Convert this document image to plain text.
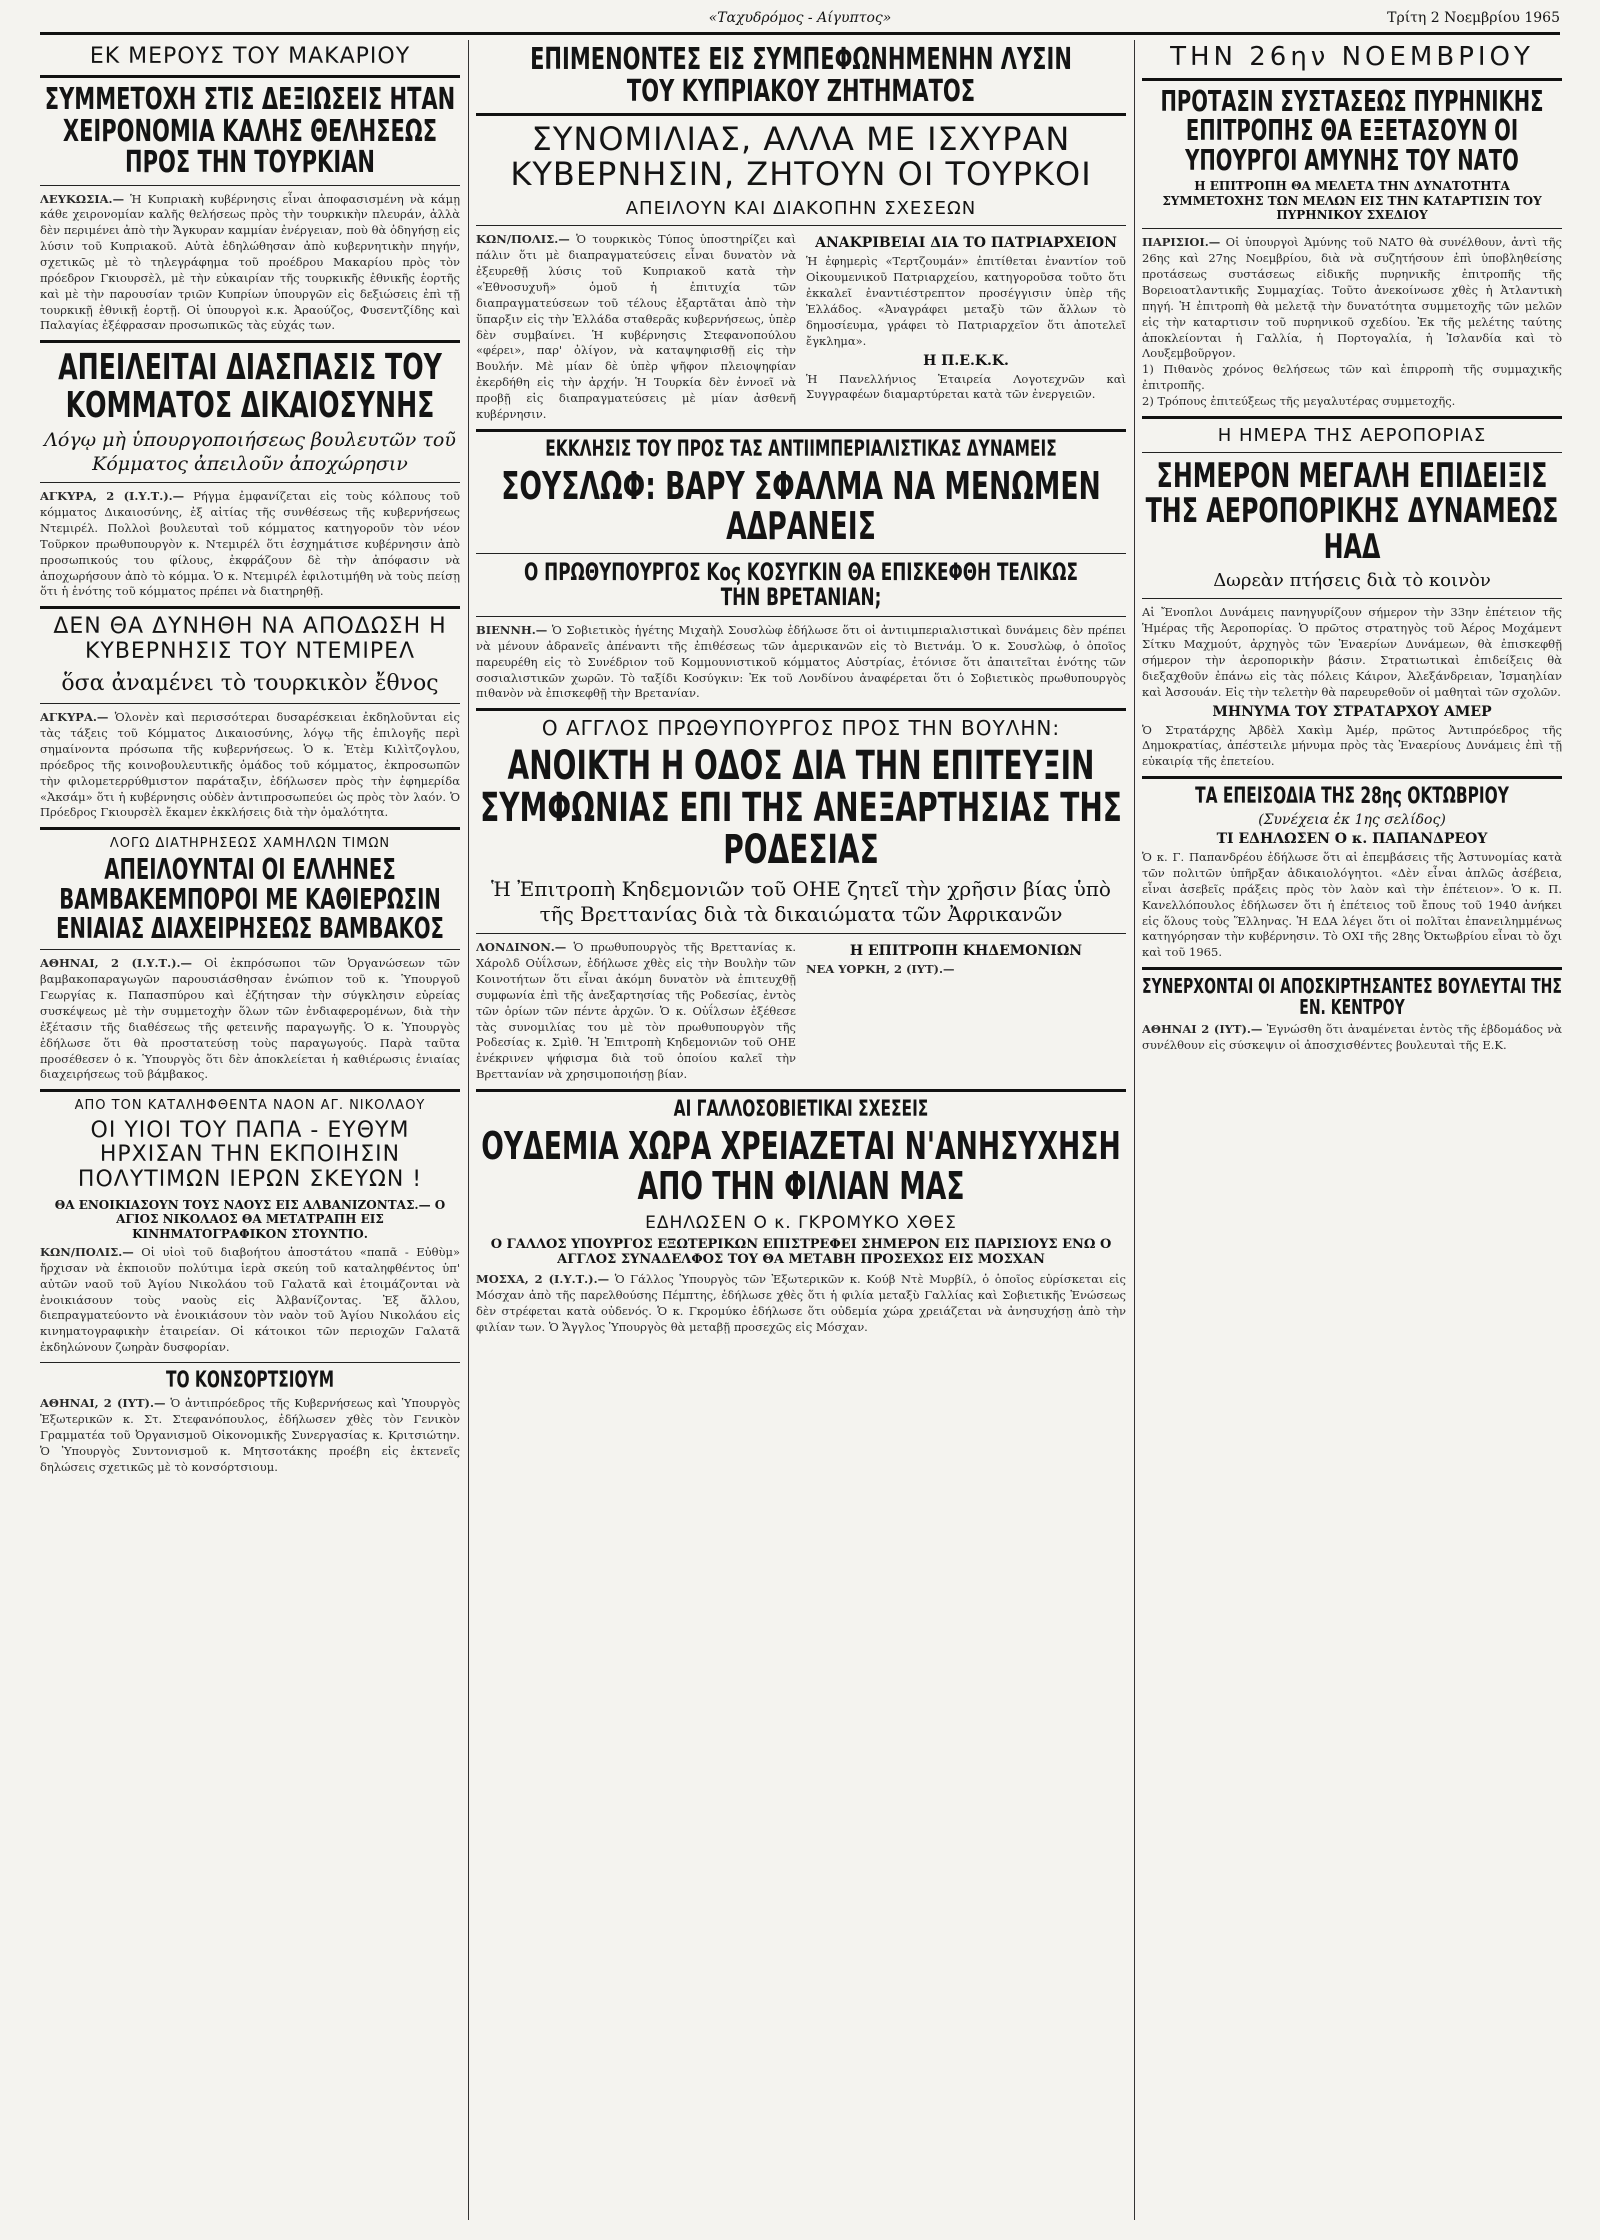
«Ταχυδρόμος - Αίγυπτος»	Τρίτη 2 Νοεμβρίου 1965
ΕΚ ΜΕΡΟΥΣ ΤΟΥ ΜΑΚΑΡΙΟΥ
ΣΥΜΜΕΤΟΧΗ ΣΤΙΣ ΔΕΞΙΩΣΕΙΣ ΗΤΑΝ ΧΕΙΡΟΝΟΜΙΑ ΚΑΛΗΣ ΘΕΛΗΣΕΩΣ ΠΡΟΣ ΤΗΝ ΤΟΥΡΚΙΑΝ
ΛΕΥΚΩΣΙΑ.— Ἡ Κυπριακὴ κυβέρνησις εἶναι ἀποφασισμένη νὰ κάμῃ κάθε χειρονομίαν καλῆς θελήσεως πρὸς τὴν τουρκικὴν πλευράν, ἀλλὰ δὲν περιμένει ἀπὸ τὴν Ἄγκυραν καμμίαν ἐνέργειαν, ποὺ θὰ ὁδηγήσῃ εἰς λύσιν τοῦ Κυπριακοῦ. Αὐτὰ ἐδηλώθησαν ἀπὸ κυβερνητικὴν πηγήν, σχετικῶς μὲ τὸ τηλεγράφημα τοῦ προέδρου Μακαρίου πρὸς τὸν πρόεδρον Γκιουρσὲλ, μὲ τὴν εὐκαιρίαν τῆς τουρκικῆς ἐθνικῆς ἑορτῆς καὶ μὲ τὴν παρουσίαν τριῶν Κυπρίων ὑπουργῶν εἰς δεξιώσεις ἐπὶ τῇ τουρκικῇ ἐθνικῇ ἑορτῇ. Οἱ ὑπουργοὶ κ.κ. Ἀραούζος, Φυσεντζίδης καὶ Παλαγίας ἐξέφρασαν προσωπικῶς τὰς εὐχάς των.
ΑΠΕΙΛΕΙΤΑΙ ΔΙΑΣΠΑΣΙΣ ΤΟΥ ΚΟΜΜΑΤΟΣ ΔΙΚΑΙΟΣΥΝΗΣ
Λόγῳ μὴ ὑπουργοποιήσεως βουλευτῶν τοῦ Κόμματος ἀπειλοῦν ἀποχώρησιν
ΑΓΚΥΡΑ, 2 (Ι.Υ.Τ.).— Ρήγμα ἐμφανίζεται εἰς τοὺς κόλπους τοῦ κόμματος Δικαιοσύνης, ἐξ αἰτίας τῆς συνθέσεως τῆς κυβερνήσεως Ντεμιρέλ. Πολλοὶ βουλευταὶ τοῦ κόμματος κατηγοροῦν τὸν νέον Τοῦρκον πρωθυπουργὸν κ. Ντεμιρέλ ὅτι ἐσχημάτισε κυβέρνησιν ἀπὸ προσωπικούς του φίλους, ἐκφράζουν δὲ τὴν ἀπόφασιν νὰ ἀποχωρήσουν ἀπὸ τὸ κόμμα. Ὁ κ. Ντεμιρέλ ἐφιλοτιμήθη νὰ τοὺς πείσῃ ὅτι ἡ ἑνότης τοῦ κόμματος πρέπει νὰ διατηρηθῇ.
ΔΕΝ ΘΑ ΔΥΝΗΘΗ ΝΑ ΑΠΟΔΩΣΗ Η ΚΥΒΕΡΝΗΣΙΣ ΤΟΥ ΝΤΕΜΙΡΕΛ
ὅσα ἀναμένει τὸ τουρκικὸν ἔθνος
ΑΓΚΥΡΑ.— Ὁλονὲν καὶ περισσότεραι δυσαρέσκειαι ἐκδηλοῦνται εἰς τὰς τάξεις τοῦ Κόμματος Δικαιοσύνης, λόγῳ τῆς ἐπιλογῆς περὶ σημαίνοντα πρόσωπα τῆς κυβερνήσεως. Ὁ κ. Ἐτὲμ Κιλὶτζογλου, πρόεδρος τῆς κοινοβουλευτικῆς ὁμάδος τοῦ κόμματος, ἐκπροσωπῶν τὴν φιλομετερρύθμιστον παράταξιν, ἐδήλωσεν πρὸς τὴν ἐφημερίδα «Ἀκσάμ» ὅτι ἡ κυβέρνησις οὐδὲν ἀντιπροσωπεύει ὡς πρὸς τὸν λαόν. Ὁ Πρόεδρος Γκιουρσὲλ ἔκαμεν ἐκκλήσεις διὰ τὴν ὁμαλότητα.
ΛΟΓΩ ΔΙΑΤΗΡΗΣΕΩΣ ΧΑΜΗΛΩΝ ΤΙΜΩΝ
ΑΠΕΙΛΟΥΝΤΑΙ ΟΙ ΕΛΛΗΝΕΣ ΒΑΜΒΑΚΕΜΠΟΡΟΙ ΜΕ ΚΑΘΙΕΡΩΣΙΝ ΕΝΙΑΙΑΣ ΔΙΑΧΕΙΡΗΣΕΩΣ ΒΑΜΒΑΚΟΣ
ΑΘΗΝΑΙ, 2 (Ι.Υ.Τ.).— Οἱ ἐκπρόσωποι τῶν Ὀργανώσεων τῶν βαμβακοπαραγωγῶν παρουσιάσθησαν ἐνώπιον τοῦ κ. Ὑπουργοῦ Γεωργίας κ. Παπασπύρου καὶ ἐζήτησαν τὴν σύγκλησιν εὐρείας συσκέψεως μὲ τὴν συμμετοχὴν ὅλων τῶν ἐνδιαφερομένων, διὰ τὴν ἐξέτασιν τῆς διαθέσεως τῆς φετεινῆς παραγωγῆς. Ὁ κ. Ὑπουργὸς ἐδήλωσε ὅτι θὰ προστατεύσῃ τοὺς παραγωγούς. Παρὰ ταῦτα προσέθεσεν ὁ κ. Ὑπουργὸς ὅτι δὲν ἀποκλείεται ἡ καθιέρωσις ἑνιαίας διαχειρήσεως τοῦ βάμβακος.
ΑΠΟ ΤΟΝ ΚΑΤΑΛΗΦΘΕΝΤΑ ΝΑΟΝ ΑΓ. ΝΙΚΟΛΑΟΥ
ΟΙ ΥΙΟΙ ΤΟΥ ΠΑΠΑ - ΕΥΘΥΜ ΗΡΧΙΣΑΝ ΤΗΝ ΕΚΠΟΙΗΣΙΝ ΠΟΛΥΤΙΜΩΝ ΙΕΡΩΝ ΣΚΕΥΩΝ !
ΘΑ ΕΝΟΙΚΙΑΣΟΥΝ ΤΟΥΣ ΝΑΟΥΣ ΕΙΣ ΑΛΒΑΝΙΖΟΝΤΑΣ.— Ο ΑΓΙΟΣ ΝΙΚΟΛΑΟΣ ΘΑ ΜΕΤΑΤΡΑΠΗ ΕΙΣ ΚΙΝΗΜΑΤΟΓΡΑΦΙΚΟΝ ΣΤΟΥΝΤΙΟ.
ΚΩΝ/ΠΟΛΙΣ.— Οἱ υἱοὶ τοῦ διαβοήτου ἀποστάτου «παπᾶ - Εὐθὺμ» ἤρχισαν νὰ ἐκποιοῦν πολύτιμα ἱερὰ σκεύη τοῦ καταληφθέντος ὑπ' αὐτῶν ναοῦ τοῦ Ἁγίου Νικολάου τοῦ Γαλατᾶ καὶ ἑτοιμάζονται νὰ ἐνοικιάσουν τοὺς ναοὺς εἰς Ἀλβανίζοντας. Ἐξ ἄλλου, διεπραγματεύοντο νὰ ἐνοικιάσουν τὸν ναὸν τοῦ Ἁγίου Νικολάου εἰς κινηματογραφικὴν ἑταιρείαν. Οἱ κάτοικοι τῶν περιοχῶν Γαλατᾶ ἐκδηλώνουν ζωηρὰν δυσφορίαν.
ΤΟ ΚΟΝΣΟΡΤΣΙΟΥΜ
ΑΘΗΝΑΙ, 2 (ΙΥΤ).— Ὁ ἀντιπρόεδρος τῆς Κυβερνήσεως καὶ Ὑπουργὸς Ἐξωτερικῶν κ. Στ. Στεφανόπουλος, ἐδήλωσεν χθὲς τὸν Γενικὸν Γραμματέα τοῦ Ὀργανισμοῦ Οἰκονομικῆς Συνεργασίας κ. Κριτσιώτην. Ὁ Ὑπουργὸς Συντονισμοῦ κ. Μητσοτάκης προέβη εἰς ἐκτενεῖς δηλώσεις σχετικῶς μὲ τὸ κονσόρτσιουμ.
ΕΠΙΜΕΝΟΝΤΕΣ ΕΙΣ ΣΥΜΠΕΦΩΝΗΜΕΝΗΝ ΛΥΣΙΝ ΤΟΥ ΚΥΠΡΙΑΚΟΥ ΖΗΤΗΜΑΤΟΣ
ΣΥΝΟΜΙΛΙΑΣ, ΑΛΛΑ ΜΕ ΙΣΧΥΡΑΝ ΚΥΒΕΡΝΗΣΙΝ, ΖΗΤΟΥΝ ΟΙ ΤΟΥΡΚΟΙ
ΑΠΕΙΛΟΥΝ ΚΑΙ ΔΙΑΚΟΠΗΝ ΣΧΕΣΕΩΝ
ΚΩΝ/ΠΟΛΙΣ.— Ὁ τουρκικὸς Τύπος ὑποστηρίζει καὶ πάλιν ὅτι μὲ διαπραγματεύσεις εἶναι δυνατὸν νὰ ἐξευρεθῇ λύσις τοῦ Κυπριακοῦ κατὰ τὴν «Ἐθνοσυχυῆ» ὁμοῦ ἡ ἐπιτυχία τῶν διαπραγματεύσεων τοῦ τέλους ἐξαρτᾶται ἀπὸ τὴν ὕπαρξιν εἰς τὴν Ἑλλάδα σταθερᾶς κυβερνήσεως, ὑπὲρ δὲν συμβαίνει. Ἡ κυβέρνησις Στεφανοπούλου «φέρει», παρ' ὀλίγον, νὰ καταψηφισθῇ εἰς τὴν Βουλήν. Μὲ μίαν δὲ ὑπὲρ ψῆφον πλειοψηφίαν ἐκερδήθη εἰς τὴν ἀρχήν. Ἡ Τουρκία δὲν ἐννοεῖ νὰ προβῇ εἰς διαπραγματεύσεις μὲ μίαν ἀσθενῆ κυβέρνησιν.
ΑΝΑΚΡΙΒΕΙΑΙ ΔΙΑ ΤΟ ΠΑΤΡΙΑΡΧΕΙΟΝ
Ἡ ἐφημερὶς «Τερτζουμάν» ἐπιτίθεται ἐναντίον τοῦ Οἰκουμενικοῦ Πατριαρχείου, κατηγοροῦσα τοῦτο ὅτι ἐκκαλεῖ ἐναντιέστρεπτον προσέγγισιν ὑπὲρ τῆς Ἑλλάδος. «Ἀναγράφει μεταξὺ τῶν ἄλλων τὸ δημοσίευμα, γράφει τὸ Πατριαρχεῖον ὅτι ἀποτελεῖ ἔγκλημα».
Η Π.Ε.Κ.Κ.
Ἡ Πανελλήνιος Ἑταιρεία Λογοτεχνῶν καὶ Συγγραφέων διαμαρτύρεται κατὰ τῶν ἐνεργειῶν.
ΕΚΚΛΗΣΙΣ ΤΟΥ ΠΡΟΣ ΤΑΣ ΑΝΤΙΙΜΠΕΡΙΑΛΙΣΤΙΚΑΣ ΔΥΝΑΜΕΙΣ
ΣΟΥΣΛΩΦ: ΒΑΡΥ ΣΦΑΛΜΑ ΝΑ ΜΕΝΩΜΕΝ ΑΔΡΑΝΕΙΣ
Ο ΠΡΩΘΥΠΟΥΡΓΟΣ Κος ΚΟΣΥΓΚΙΝ ΘΑ ΕΠΙΣΚΕΦΘΗ ΤΕΛΙΚΩΣ ΤΗΝ ΒΡΕΤΑΝΙΑΝ;
ΒΙΕΝΝΗ.— Ὁ Σοβιετικὸς ἡγέτης Μιχαὴλ Σουσλὼφ ἐδήλωσε ὅτι οἱ ἀντιιμπεριαλιστικαὶ δυνάμεις δὲν πρέπει νὰ μένουν ἀδρανεῖς ἀπέναντι τῆς ἐπιθέσεως τῶν ἀμερικανῶν εἰς τὸ Βιετνάμ. Ὁ κ. Σουσλὼφ, ὁ ὁποῖος παρευρέθη εἰς τὸ Συνέδριον τοῦ Κομμουνιστικοῦ κόμματος Αὐστρίας, ἐτόνισε ὅτι ἀπαιτεῖται ἑνότης τῶν σοσιαλιστικῶν χωρῶν. Τὸ ταξίδι Κοσύγκιν: Ἐκ τοῦ Λονδίνου ἀναφέρεται ὅτι ὁ Σοβιετικὸς πρωθυπουργὸς πιθανὸν νὰ ἐπισκεφθῇ τὴν Βρετανίαν.
Ο ΑΓΓΛΟΣ ΠΡΩΘΥΠΟΥΡΓΟΣ ΠΡΟΣ ΤΗΝ ΒΟΥΛΗΝ:
ΑΝΟΙΚΤΗ Η ΟΔΟΣ ΔΙΑ ΤΗΝ ΕΠΙΤΕΥΞΙΝ ΣΥΜΦΩΝΙΑΣ ΕΠΙ ΤΗΣ ΑΝΕΞΑΡΤΗΣΙΑΣ ΤΗΣ ΡΟΔΕΣΙΑΣ
Ἡ Ἐπιτροπὴ Κηδεμονιῶν τοῦ ΟΗΕ ζητεῖ τὴν χρῆσιν βίας ὑπὸ τῆς Βρεττανίας διὰ τὰ δικαιώματα τῶν Ἀφρικανῶν
ΛΟΝΔΙΝΟΝ.— Ὁ πρωθυπουργὸς τῆς Βρεττανίας κ. Χάρολδ Οὐΐλσων, ἐδήλωσε χθὲς εἰς τὴν Βουλὴν τῶν Κοινοτήτων ὅτι εἶναι ἀκόμη δυνατὸν νὰ ἐπιτευχθῇ συμφωνία ἐπὶ τῆς ἀνεξαρτησίας τῆς Ροδεσίας, ἐντὸς τῶν ὁρίων τῶν πέντε ἀρχῶν. Ὁ κ. Οὐΐλσων ἐξέθεσε τὰς συνομιλίας του μὲ τὸν πρωθυπουργὸν τῆς Ροδεσίας κ. Σμὶθ. Ἡ Ἐπιτροπὴ Κηδεμονιῶν τοῦ ΟΗΕ ἐνέκρινεν ψήφισμα διὰ τοῦ ὁποίου καλεῖ τὴν Βρεττανίαν νὰ χρησιμοποιήσῃ βίαν.
Η ΕΠΙΤΡΟΠΗ ΚΗΔΕΜΟΝΙΩΝ
ΝΕΑ ΥΟΡΚΗ, 2 (ΙΥΤ).—
ΑΙ ΓΑΛΛΟΣΟΒΙΕΤΙΚΑΙ ΣΧΕΣΕΙΣ
ΟΥΔΕΜΙΑ ΧΩΡΑ ΧΡΕΙΑΖΕΤΑΙ Ν'ΑΝΗΣΥΧΗΣΗ ΑΠΟ ΤΗΝ ΦΙΛΙΑΝ ΜΑΣ
ΕΔΗΛΩΣΕΝ Ο κ. ΓΚΡΟΜΥΚΟ ΧΘΕΣ
Ο ΓΑΛΛΟΣ ΥΠΟΥΡΓΟΣ ΕΞΩΤΕΡΙΚΩΝ ΕΠΙΣΤΡΕΦΕΙ ΣΗΜΕΡΟΝ ΕΙΣ ΠΑΡΙΣΙΟΥΣ ΕΝΩ Ο ΑΓΓΛΟΣ ΣΥΝΑΔΕΛΦΟΣ ΤΟΥ ΘΑ ΜΕΤΑΒΗ ΠΡΟΣΕΧΩΣ ΕΙΣ ΜΟΣΧΑΝ
ΜΟΣΧΑ, 2 (Ι.Υ.Τ.).— Ὁ Γάλλος Ὑπουργὸς τῶν Ἐξωτερικῶν κ. Κούβ Ντὲ Μυρβίλ, ὁ ὁποῖος εὑρίσκεται εἰς Μόσχαν ἀπὸ τῆς παρελθούσης Πέμπτης, ἐδήλωσε χθὲς ὅτι ἡ φιλία μεταξὺ Γαλλίας καὶ Σοβιετικῆς Ἑνώσεως δὲν στρέφεται κατὰ οὐδενός. Ὁ κ. Γκρομύκο ἐδήλωσε ὅτι οὐδεμία χώρα χρειάζεται νὰ ἀνησυχήσῃ ἀπὸ τὴν φιλίαν των. Ὁ Ἄγγλος Ὑπουργὸς θὰ μεταβῇ προσεχῶς εἰς Μόσχαν.
ΤΗΝ 26ην ΝΟΕΜΒΡΙΟΥ
ΠΡΟΤΑΣΙΝ ΣΥΣΤΑΣΕΩΣ ΠΥΡΗΝΙΚΗΣ ΕΠΙΤΡΟΠΗΣ ΘΑ ΕΞΕΤΑΣΟΥΝ ΟΙ ΥΠΟΥΡΓΟΙ ΑΜΥΝΗΣ ΤΟΥ ΝΑΤΟ
Η ΕΠΙΤΡΟΠΗ ΘΑ ΜΕΛΕΤΑ ΤΗΝ ΔΥΝΑΤΟΤΗΤΑ ΣΥΜΜΕΤΟΧΗΣ ΤΩΝ ΜΕΛΩΝ ΕΙΣ ΤΗΝ ΚΑΤΑΡΤΙΣΙΝ ΤΟΥ ΠΥΡΗΝΙΚΟΥ ΣΧΕΔΙΟΥ
ΠΑΡΙΣΙΟΙ.— Οἱ ὑπουργοὶ Ἀμύνης τοῦ ΝΑΤΟ θὰ συνέλθουν, ἀντὶ τῆς 26ης καὶ 27ης Νοεμβρίου, διὰ νὰ συζητήσουν ἐπὶ ὑποβληθείσης προτάσεως συστάσεως εἰδικῆς πυρηνικῆς ἐπιτροπῆς τῆς Βορειοατλαντικῆς Συμμαχίας. Τοῦτο ἀνεκοίνωσε χθὲς ἡ Ἀτλαντικὴ πηγή. Ἡ ἐπιτροπὴ θὰ μελετᾷ τὴν δυνατότητα συμμετοχῆς τῶν μελῶν εἰς τὴν καταρτισιν τοῦ πυρηνικοῦ σχεδίου. Ἐκ τῆς μελέτης ταύτης ἀποκλείονται ἡ Γαλλία, ἡ Πορτογαλία, ἡ Ἰσλανδία καὶ τὸ Λουξεμβοῦργον.
1) Πιθανὸς χρόνος θελήσεως τῶν καὶ ἐπιρροπὴ τῆς συμμαχικῆς ἐπιτροπῆς.
2) Τρόπους ἐπιτεύξεως τῆς μεγαλυτέρας συμμετοχῆς.
Η ΗΜΕΡΑ ΤΗΣ ΑΕΡΟΠΟΡΙΑΣ
ΣΗΜΕΡΟΝ ΜΕΓΑΛΗ ΕΠΙΔΕΙΞΙΣ ΤΗΣ ΑΕΡΟΠΟΡΙΚΗΣ ΔΥΝΑΜΕΩΣ ΗΑΔ
Δωρεὰν πτήσεις διὰ τὸ κοινὸν
Αἱ Ἔνοπλοι Δυνάμεις πανηγυρίζουν σήμερον τὴν 33ην ἐπέτειον τῆς Ἡμέρας τῆς Ἀεροπορίας. Ὁ πρῶτος στρατηγὸς τοῦ Ἀέρος Μοχάμεντ Σίτκυ Μαχμούτ, ἀρχηγὸς τῶν Ἐναερίων Δυνάμεων, θὰ ἐπισκεφθῇ σήμερον τὴν ἀεροπορικὴν βάσιν. Στρατιωτικαὶ ἐπιδείξεις θὰ διεξαχθοῦν ἐπάνω εἰς τὰς πόλεις Κάιρον, Ἀλεξάνδρειαν, Ἰσμαηλίαν καὶ Ἀσσουάν. Εἰς τὴν τελετὴν θὰ παρευρεθοῦν οἱ μαθηταὶ τῶν σχολῶν.
ΜΗΝΥΜΑ ΤΟΥ ΣΤΡΑΤΑΡΧΟΥ ΑΜΕΡ
Ὁ Στρατάρχης Ἀβδὲλ Χακὶμ Ἀμέρ, πρῶτος Ἀντιπρόεδρος τῆς Δημοκρατίας, ἀπέστειλε μήνυμα πρὸς τὰς Ἐναερίους Δυνάμεις ἐπὶ τῇ εὐκαιρίᾳ τῆς ἐπετείου.
ΤΑ ΕΠΕΙΣΟΔΙΑ ΤΗΣ 28ης ΟΚΤΩΒΡΙΟΥ
(Συνέχεια ἐκ 1ης σελίδος)
ΤΙ ΕΔΗΛΩΣΕΝ Ο κ. ΠΑΠΑΝΔΡΕΟΥ
Ὁ κ. Γ. Παπανδρέου ἐδήλωσε ὅτι αἱ ἐπεμβάσεις τῆς Ἀστυνομίας κατὰ τῶν πολιτῶν ὑπῆρξαν ἀδικαιολόγητοι. «Δὲν εἶναι ἀπλῶς ἀσέβεια, εἶναι ἀσεβεῖς πράξεις πρὸς τὸν λαὸν καὶ τὴν ἐπέτειον». Ὁ κ. Π. Κανελλόπουλος ἐδήλωσεν ὅτι ἡ ἐπέτειος τοῦ ἔπους τοῦ 1940 ἀνήκει εἰς ὅλους τοὺς Ἕλληνας. Ἡ ΕΔΑ λέγει ὅτι οἱ πολῖται ἐπανειλημμένως κατηγόρησαν τὴν κυβέρνησιν. Τὸ ΟΧΙ τῆς 28ης Ὀκτωβρίου εἶναι τὸ ὄχι καὶ τοῦ 1965.
ΣΥΝΕΡΧΟΝΤΑΙ ΟΙ ΑΠΟΣΚΙΡΤΗΣΑΝΤΕΣ ΒΟΥΛΕΥΤΑΙ ΤΗΣ ΕΝ. ΚΕΝΤΡΟΥ
ΑΘΗΝΑΙ 2 (ΙΥΤ).— Ἐγνώσθη ὅτι ἀναμένεται ἐντὸς τῆς ἑβδομάδος νὰ συνέλθουν εἰς σύσκεψιν οἱ ἀποσχισθέντες βουλευταὶ τῆς Ε.Κ.
